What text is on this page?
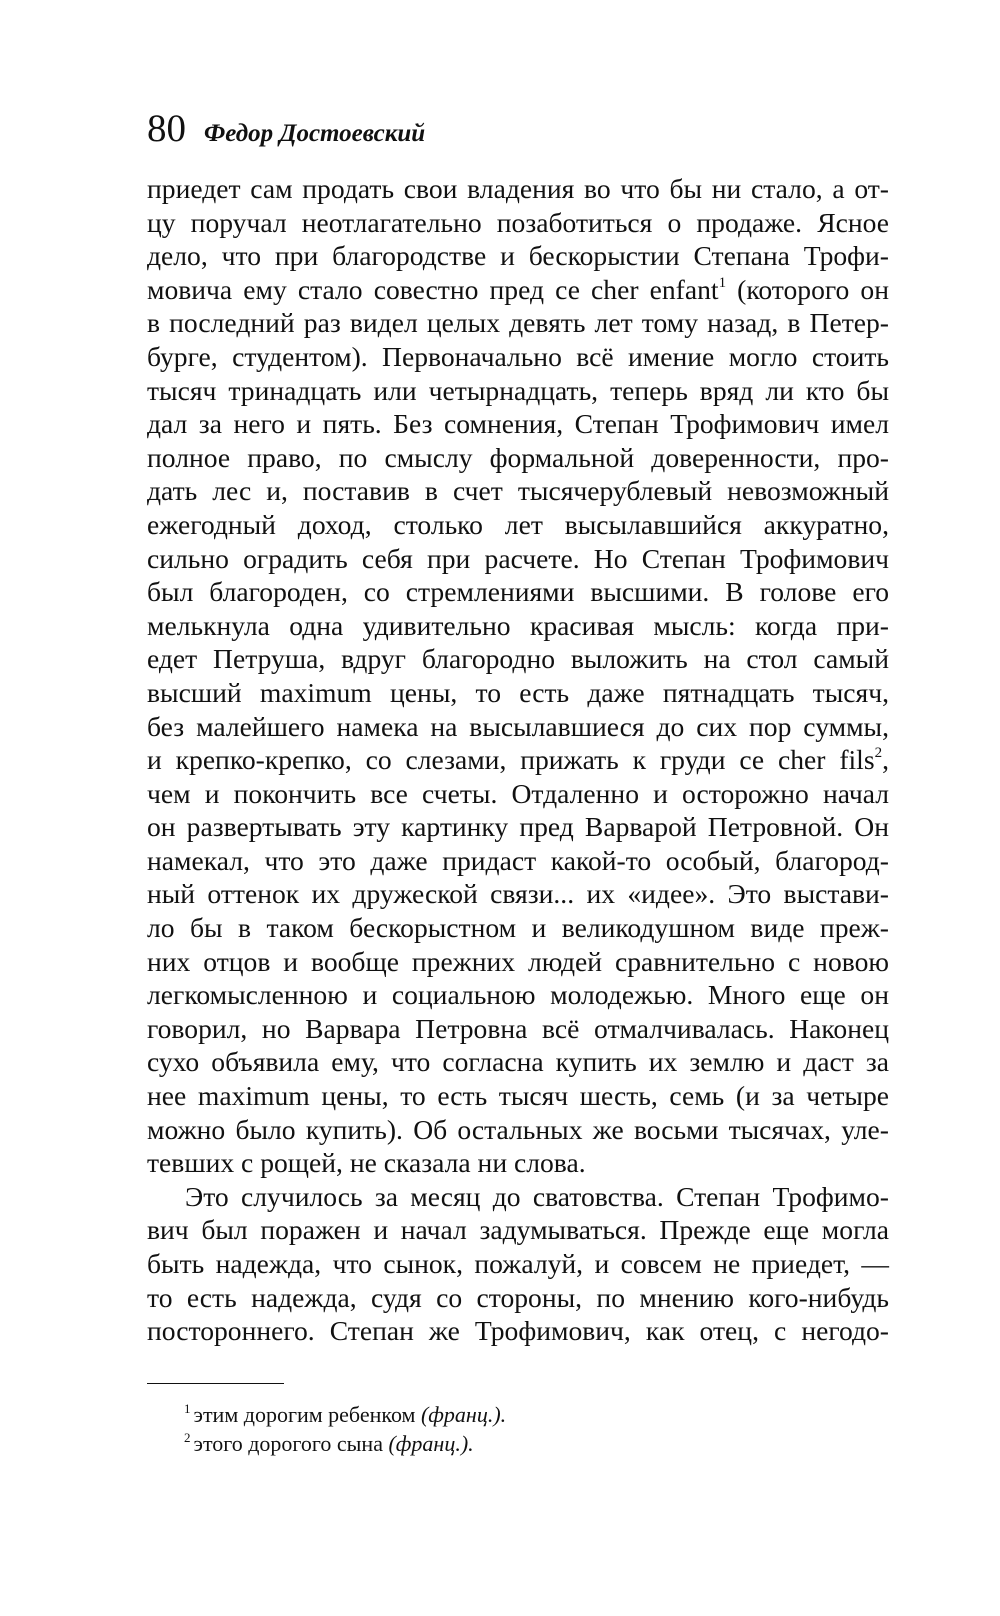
80 Федор Достоевский
приедет сам продать свои владения во что бы ни стало, а от-
цу поручал неотлагательно позаботиться о продаже. Ясное
дело, что при благородстве и бескорыстии Степана Трофи-
мовича ему стало совестно пред се cher enfant$^1$ (которого он
в последний раз видел целых девять лет тому назад, в Петер-
бурге, студентом). Первоначально всё имение могло стоить
тысяч тринадцать или четырнадцать, теперь вряд ли кто бы
дал за него и пять. Без сомнения, Степан Трофимович имел
полное право, по смыслу формальной доверенности, про-
дать лес и, поставив в счет тысячерублевый невозможный
ежегодный доход, столько лет высылавшийся аккуратно,
сильно оградить себя при расчете. Но Степан Трофимович
был благороден, со стремлениями высшими. В голове его
мелькнула одна удивительно красивая мысль: когда при-
едет Петруша, вдруг благородно выложить на стол самый
высший maximum цены, то есть даже пятнадцать тысяч,
без малейшего намека на высылавшиеся до сих пор суммы,
и крепко-крепко, со слезами, прижать к груди се cher fils$^2$,
чем и покончить все счеты. Отдаленно и осторожно начал
он развертывать эту картинку пред Варварой Петровной. Он
намекал, что это даже придаст какой-то особый, благород-
ный оттенок их дружеской связи... их «идее». Это выстави-
ло бы в таком бескорыстном и великодушном виде преж-
них отцов и вообще прежних людей сравнительно с новою
легкомысленною и социальною молодежью. Много еще он
говорил, но Варвара Петровна всё отмалчивалась. Наконец
сухо объявила ему, что согласна купить их землю и даст за
нее maximum цены, то есть тысяч шесть, семь (и за четыре
можно было купить). Об остальных же восьми тысячах, уле-
тевших с рощей, не сказала ни слова.
Это случилось за месяц до сватовства. Степан Трофимо-
вич был поражен и начал задумываться. Прежде еще могла
быть надежда, что сынок, пожалуй, и совсем не приедет, —
то есть надежда, судя со стороны, по мнению кого-нибудь
постороннего. Степан же Трофимович, как отец, с негодо-
$^1$ этим дорогим ребенком (франц.).
$^2$ этого дорогого сына (франц.).
